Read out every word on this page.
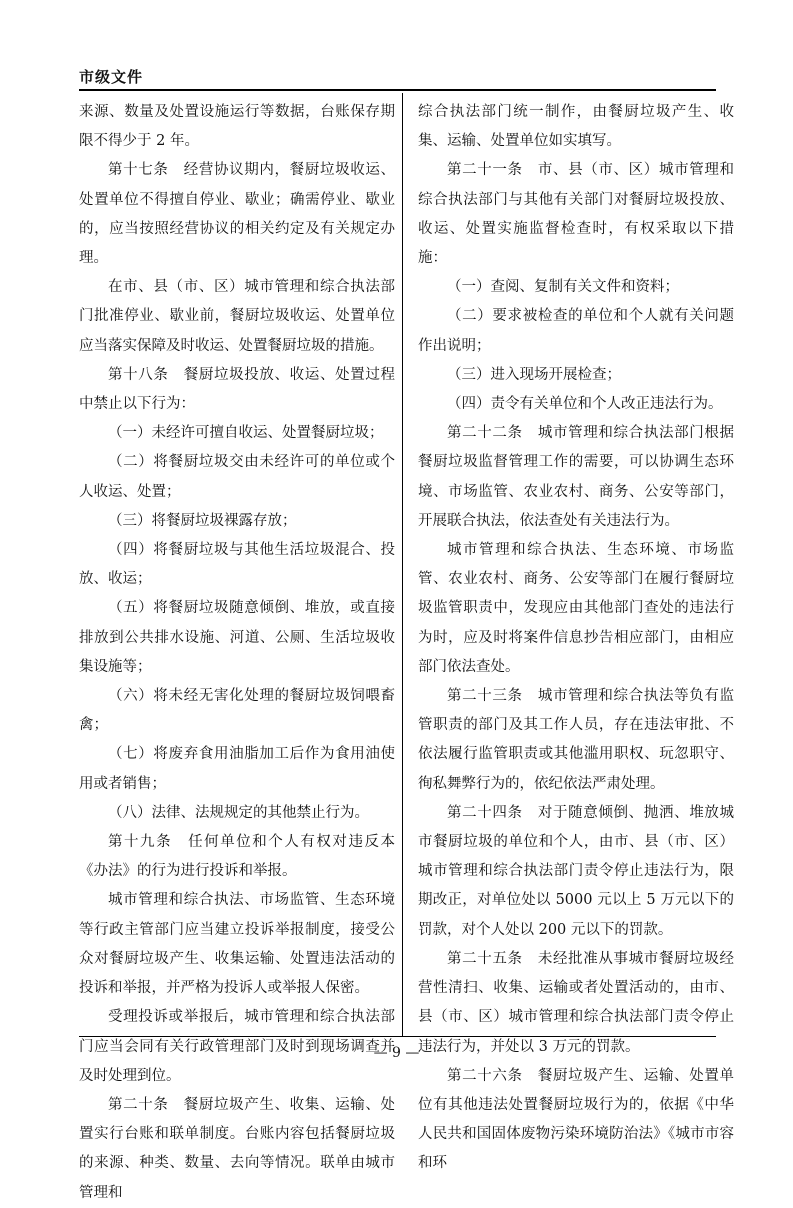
市级文件

来源、数量及处置设施运行等数据，台账保存期限不得少于 2 年。

第十七条　经营协议期内，餐厨垃圾收运、处置单位不得擅自停业、歇业；确需停业、歇业的，应当按照经营协议的相关约定及有关规定办理。

在市、县（市、区）城市管理和综合执法部门批准停业、歇业前，餐厨垃圾收运、处置单位应当落实保障及时收运、处置餐厨垃圾的措施。

第十八条　餐厨垃圾投放、收运、处置过程中禁止以下行为：

（一）未经许可擅自收运、处置餐厨垃圾；

（二）将餐厨垃圾交由未经许可的单位或个人收运、处置；

（三）将餐厨垃圾裸露存放；

（四）将餐厨垃圾与其他生活垃圾混合、投放、收运；

（五）将餐厨垃圾随意倾倒、堆放，或直接排放到公共排水设施、河道、公厕、生活垃圾收集设施等；

（六）将未经无害化处理的餐厨垃圾饲喂畜禽；

（七）将废弃食用油脂加工后作为食用油使用或者销售；

（八）法律、法规规定的其他禁止行为。

第十九条　任何单位和个人有权对违反本《办法》的行为进行投诉和举报。

城市管理和综合执法、市场监管、生态环境等行政主管部门应当建立投诉举报制度，接受公众对餐厨垃圾产生、收集运输、处置违法活动的投诉和举报，并严格为投诉人或举报人保密。

受理投诉或举报后，城市管理和综合执法部门应当会同有关行政管理部门及时到现场调查并及时处理到位。

第二十条　餐厨垃圾产生、收集、运输、处置实行台账和联单制度。台账内容包括餐厨垃圾的来源、种类、数量、去向等情况。联单由城市管理和

综合执法部门统一制作，由餐厨垃圾产生、收集、运输、处置单位如实填写。

第二十一条　市、县（市、区）城市管理和综合执法部门与其他有关部门对餐厨垃圾投放、收运、处置实施监督检查时，有权采取以下措施：

（一）查阅、复制有关文件和资料；

（二）要求被检查的单位和个人就有关问题作出说明；

（三）进入现场开展检查；

（四）责令有关单位和个人改正违法行为。

第二十二条　城市管理和综合执法部门根据餐厨垃圾监督管理工作的需要，可以协调生态环境、市场监管、农业农村、商务、公安等部门，开展联合执法，依法查处有关违法行为。

城市管理和综合执法、生态环境、市场监管、农业农村、商务、公安等部门在履行餐厨垃圾监管职责中，发现应由其他部门查处的违法行为时，应及时将案件信息抄告相应部门，由相应部门依法查处。

第二十三条　城市管理和综合执法等负有监管职责的部门及其工作人员，存在违法审批、不依法履行监管职责或其他滥用职权、玩忽职守、徇私舞弊行为的，依纪依法严肃处理。

第二十四条　对于随意倾倒、抛洒、堆放城市餐厨垃圾的单位和个人，由市、县（市、区）城市管理和综合执法部门责令停止违法行为，限期改正，对单位处以 5000 元以上 5 万元以下的罚款，对个人处以 200 元以下的罚款。

第二十五条　未经批准从事城市餐厨垃圾经营性清扫、收集、运输或者处置活动的，由市、县（市、区）城市管理和综合执法部门责令停止违法行为，并处以 3 万元的罚款。

第二十六条　餐厨垃圾产生、运输、处置单位有其他违法处置餐厨垃圾行为的，依据《中华人民共和国固体废物污染环境防治法》《城市市容和环

— 9 —
